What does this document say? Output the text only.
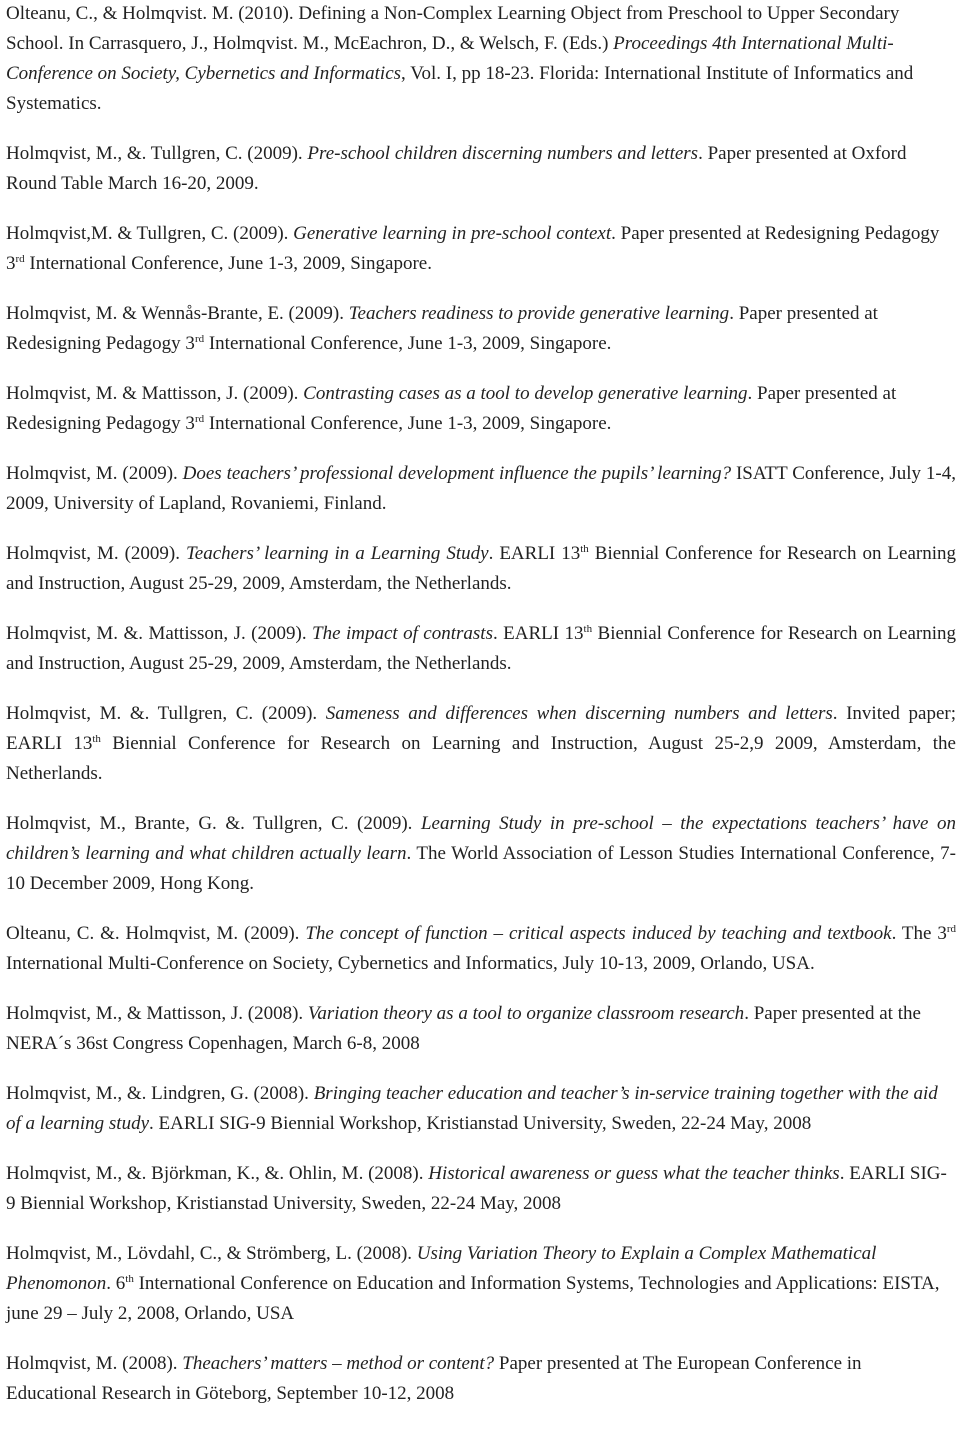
Olteanu, C., & Holmqvist. M. (2010). Defining a Non-Complex Learning Object from Preschool to Upper Secondary School. In Carrasquero, J., Holmqvist. M., McEachron, D., & Welsch, F. (Eds.) Proceedings 4th International Multi-Conference on Society, Cybernetics and Informatics, Vol. I, pp 18-23. Florida: International Institute of Informatics and Systematics.

Holmqvist, M., &. Tullgren, C. (2009). Pre-school children discerning numbers and letters. Paper presented at Oxford Round Table March 16-20, 2009.

Holmqvist,M. & Tullgren, C. (2009). Generative learning in pre-school context. Paper presented at Redesigning Pedagogy 3rd International Conference, June 1-3, 2009, Singapore.

Holmqvist, M. & Wennås-Brante, E. (2009). Teachers readiness to provide generative learning. Paper presented at Redesigning Pedagogy 3rd International Conference, June 1-3, 2009, Singapore.

Holmqvist, M. & Mattisson, J. (2009). Contrasting cases as a tool to develop generative learning. Paper presented at Redesigning Pedagogy 3rd International Conference, June 1-3, 2009, Singapore.

Holmqvist, M. (2009). Does teachers’ professional development influence the pupils’ learning? ISATT Conference, July 1-4, 2009, University of Lapland, Rovaniemi, Finland.

Holmqvist, M. (2009). Teachers’ learning in a Learning Study. EARLI 13th Biennial Conference for Research on Learning and Instruction, August 25-29, 2009, Amsterdam, the Netherlands.

Holmqvist, M. &. Mattisson, J. (2009). The impact of contrasts. EARLI 13th Biennial Conference for Research on Learning and Instruction, August 25-29, 2009, Amsterdam, the Netherlands.

Holmqvist, M. &. Tullgren, C. (2009). Sameness and differences when discerning numbers and letters. Invited paper; EARLI 13th Biennial Conference for Research on Learning and Instruction, August 25-2,9 2009, Amsterdam, the Netherlands.

Holmqvist, M., Brante, G. &. Tullgren, C. (2009). Learning Study in pre-school – the expectations teachers’ have on children’s learning and what children actually learn. The World Association of Lesson Studies International Conference, 7-10 December 2009, Hong Kong.

Olteanu, C. &. Holmqvist, M. (2009). The concept of function – critical aspects induced by teaching and textbook. The 3rd International Multi-Conference on Society, Cybernetics and Informatics, July 10-13, 2009, Orlando, USA.

Holmqvist, M., & Mattisson, J. (2008). Variation theory as a tool to organize classroom research. Paper presented at the NERA´s 36st Congress Copenhagen, March 6-8, 2008

Holmqvist, M., &. Lindgren, G. (2008). Bringing teacher education and teacher’s in-service training together with the aid of a learning study. EARLI SIG-9 Biennial Workshop, Kristianstad University, Sweden, 22-24 May, 2008

Holmqvist, M., &. Björkman, K., &. Ohlin, M. (2008). Historical awareness or guess what the teacher thinks. EARLI SIG-9 Biennial Workshop, Kristianstad University, Sweden, 22-24 May, 2008

Holmqvist, M., Lövdahl, C., & Strömberg, L. (2008). Using Variation Theory to Explain a Complex Mathematical Phenomonon. 6th International Conference on Education and Information Systems, Technologies and Applications: EISTA, june 29 – July 2, 2008, Orlando, USA

Holmqvist, M. (2008). Theachers’ matters – method or content? Paper presented at The European Conference in Educational Research in Göteborg, September 10-12, 2008
